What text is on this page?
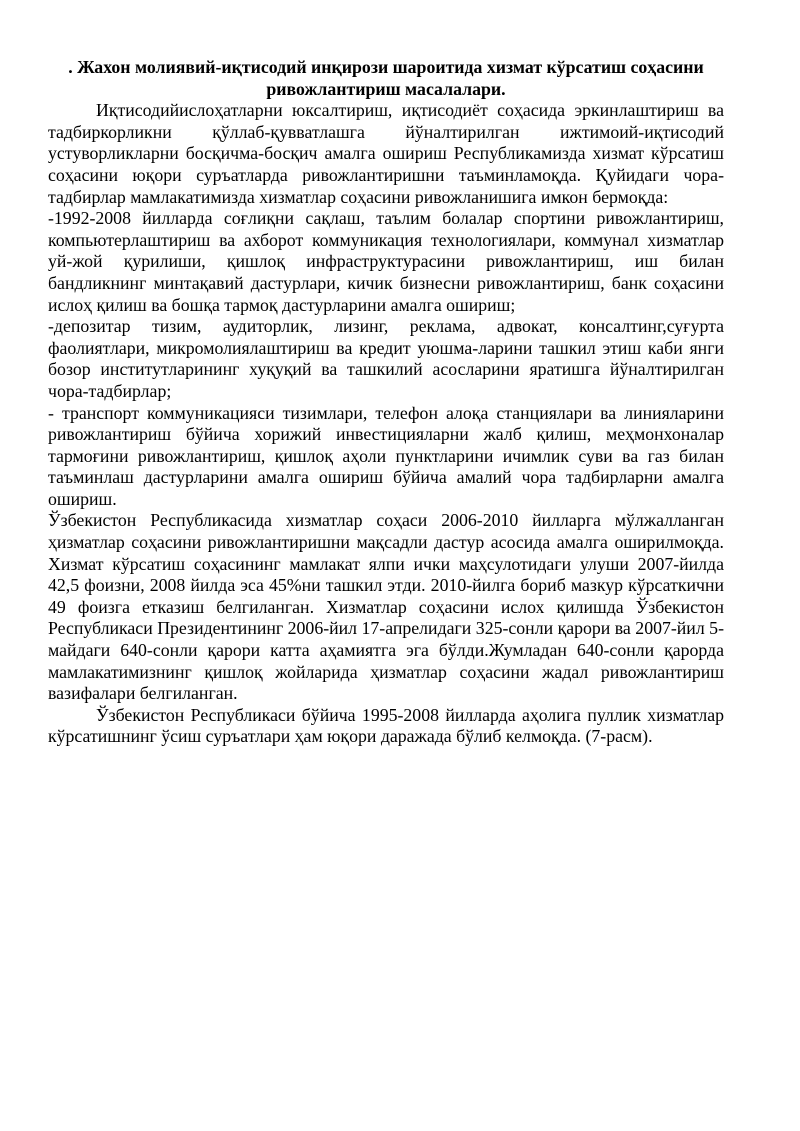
. Жахон молиявий-иқтисодий инқирози шароитида хизмат кўрсатиш соҳасини
ривожлантириш масалалари.

Иқтисодийислоҳатларни юксалтириш, иқтисодиёт соҳасида эркинлаштириш ва тадбиркорликни қўллаб-қувватлашга йўналтирилган ижтимоий-иқтисодий устуворликларни босқичма-босқич амалга ошириш Республикамизда хизмат кўрсатиш соҳасини юқори суръатларда ривожлантиришни таъминламоқда. Қуйидаги чора-тадбирлар мамлакатимизда хизматлар соҳасини ривожланишига имкон бермоқда:

-1992-2008 йилларда соғлиқни сақлаш, таълим болалар спортини ривожлантириш, компьютерлаштириш ва ахборот коммуникация технологиялари, коммунал хизматлар уй-жой қурилиши, қишлоқ инфраструктурасини ривожлантириш, иш билан бандликнинг минтақавий дастурлари, кичик бизнесни ривожлантириш, банк соҳасини ислоҳ қилиш ва бошқа тармоқ дастурларини амалга ошириш;

-депозитар тизим, аудиторлик, лизинг, реклама, адвокат, консалтинг,суғурта фаолиятлари, микромолиялаштириш ва кредит уюшма-ларини ташкил этиш каби янги бозор институтларининг хуқуқий ва ташкилий асосларини яратишга йўналтирилган чора-тадбирлар;

- транспорт коммуникацияси тизимлари, телефон алоқа станциялари ва линияларини ривожлантириш бўйича хорижий инвестицияларни жалб қилиш, меҳмонхоналар тармоғини ривожлантириш, қишлоқ аҳоли пунктларини ичимлик суви ва газ билан таъминлаш дастурларини амалга ошириш бўйича амалий чора тадбирларни амалга ошириш.

Ўзбекистон Республикасида хизматлар соҳаси 2006-2010 йилларга мўлжалланган ҳизматлар соҳасини ривожлантиришни мақсадли дастур асосида амалга оширилмоқда. Хизмат кўрсатиш соҳасининг мамлакат ялпи ички маҳсулотидаги улуши 2007-йилда 42,5 фоизни, 2008 йилда эса 45%ни ташкил этди. 2010-йилга бориб мазкур кўрсаткични 49 фоизга етказиш белгиланган. Хизматлар соҳасини ислох қилишда Ўзбекистон Республикаси Президентининг 2006-йил 17-апрелидаги 325-сонли қарори ва 2007-йил 5-майдаги 640-сонли қарори катта аҳамиятга эга бўлди.Жумладан 640-сонли қарорда мамлакатимизнинг қишлоқ жойларида ҳизматлар соҳасини жадал ривожлантириш вазифалари белгиланган.

Ўзбекистон Республикаси бўйича 1995-2008 йилларда аҳолига пуллик хизматлар кўрсатишнинг ўсиш суръатлари ҳам юқори даражада бўлиб келмоқда. (7-расм).
